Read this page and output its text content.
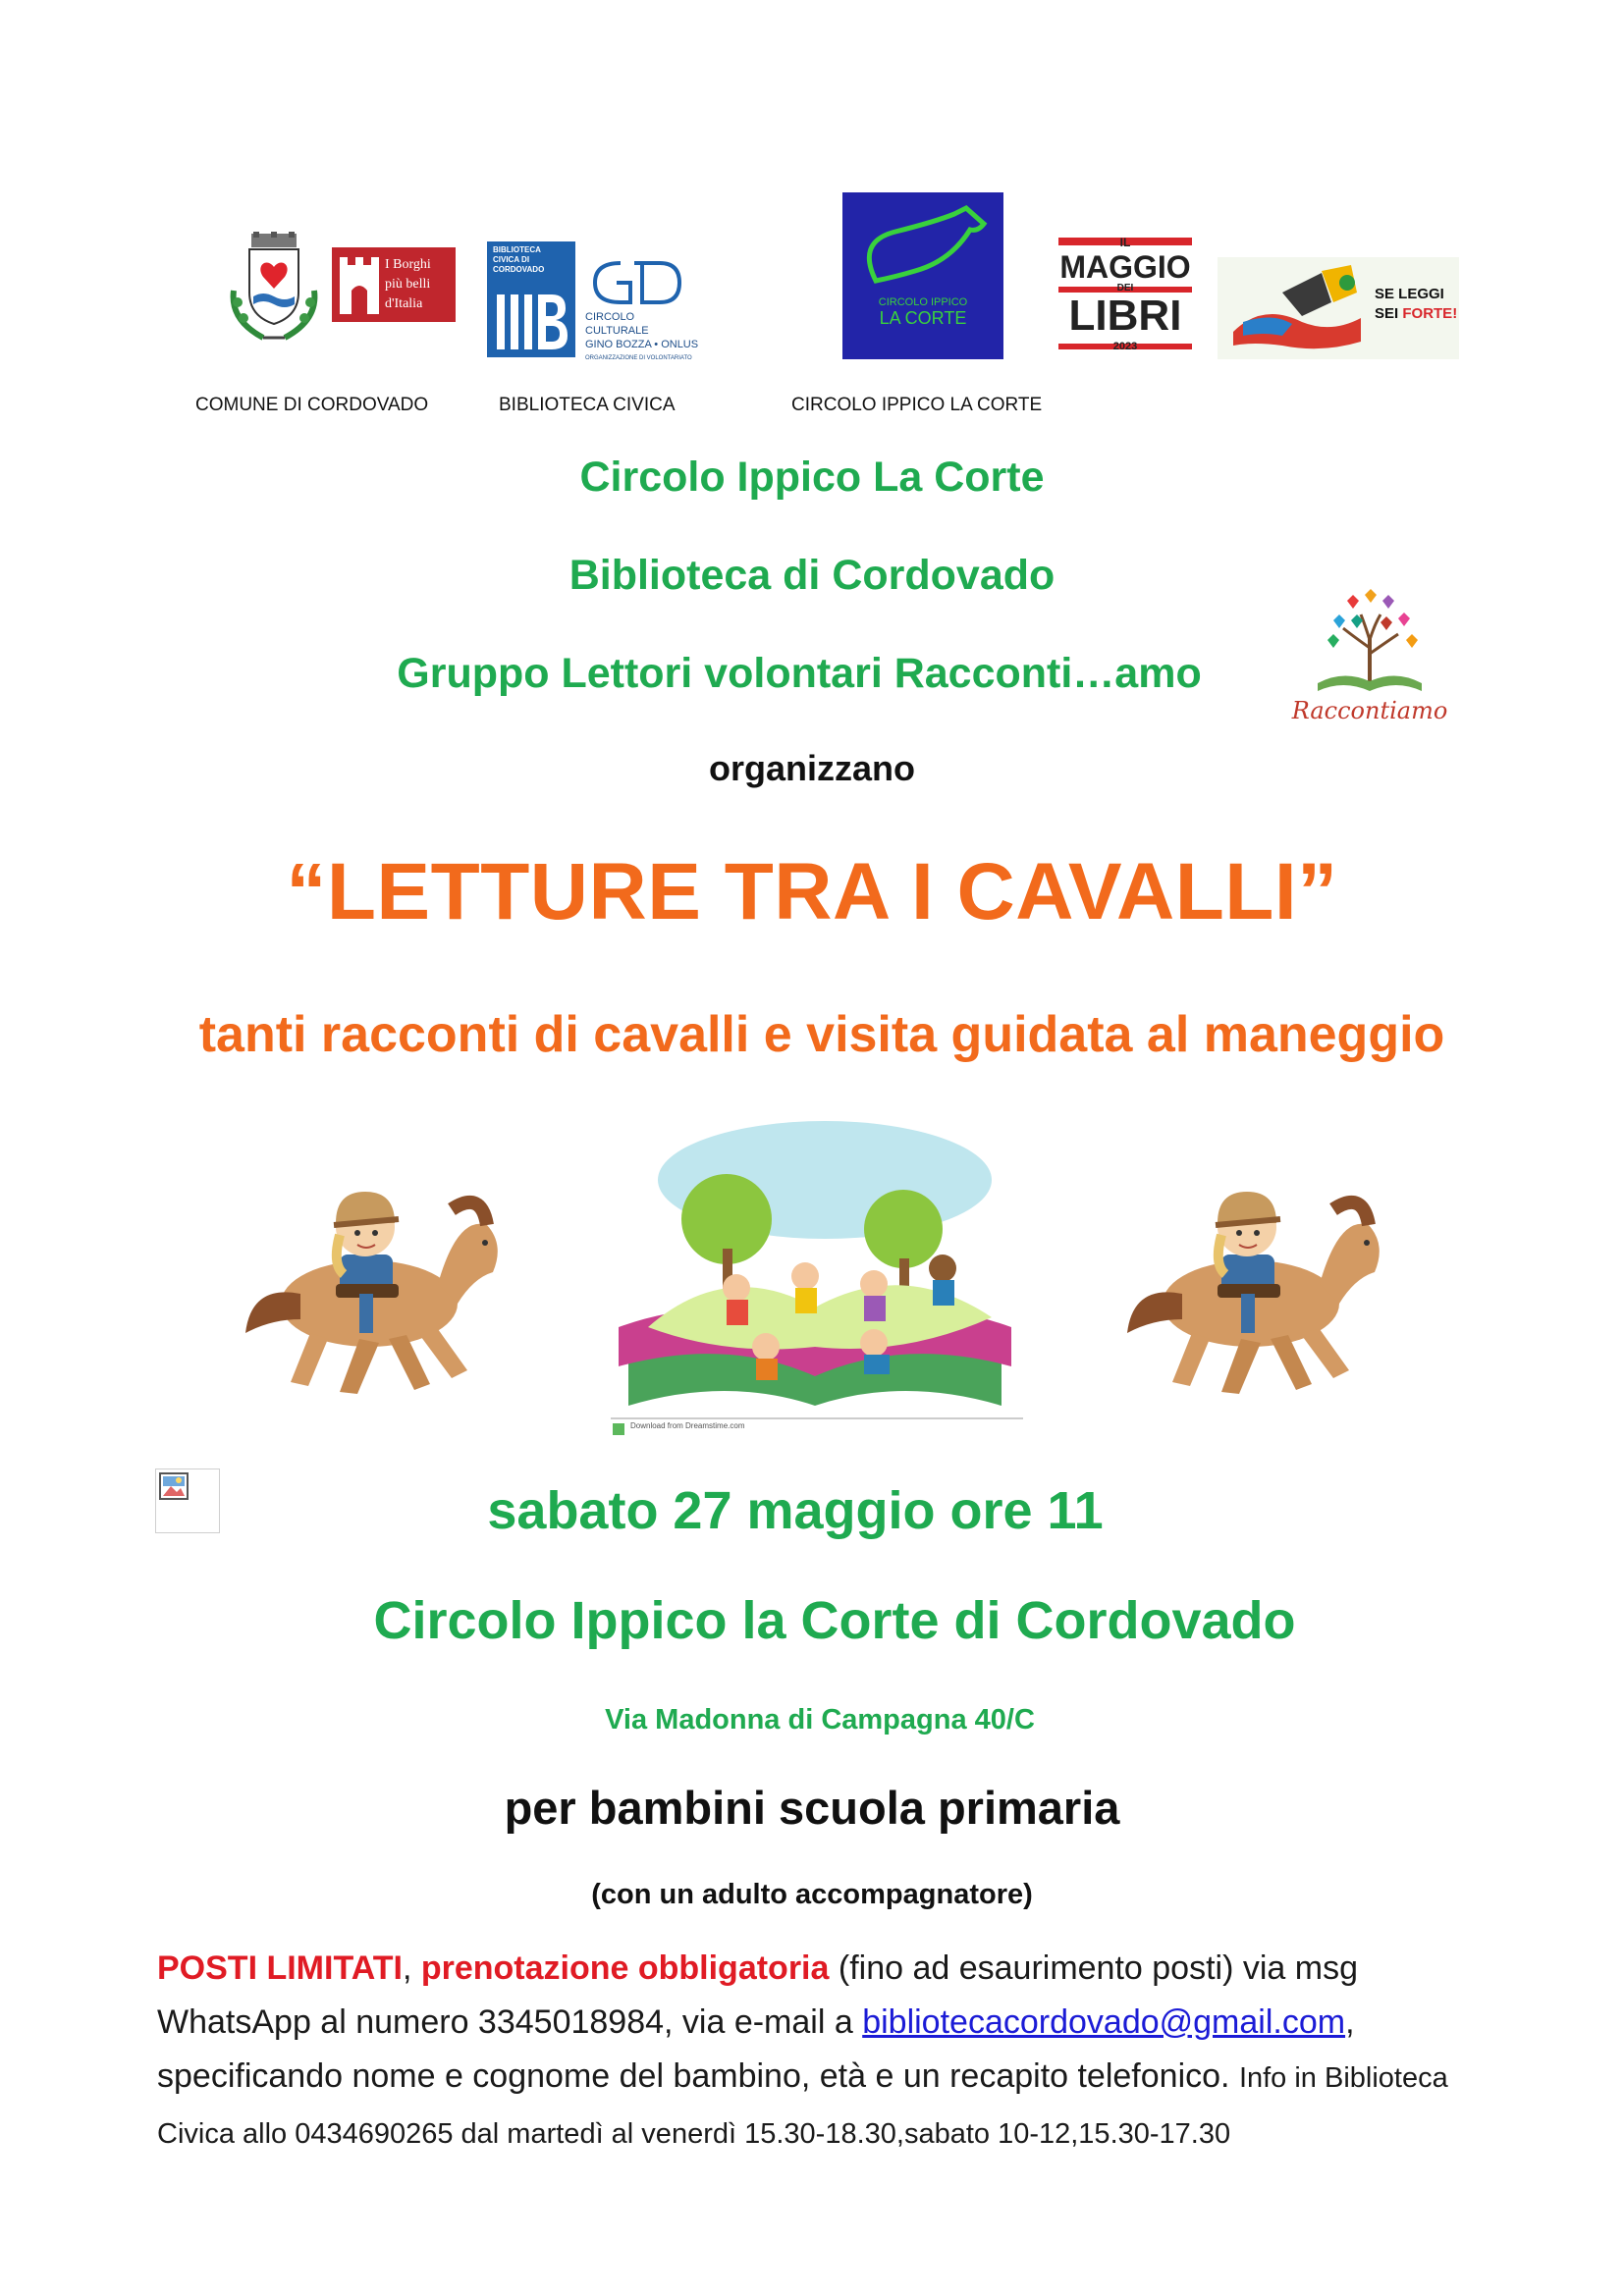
I Borghi
più belli
d'Italia
BIBLIOTECA
CIVICA DI
CORDOVADO
CIRCOLO CULTURALE
GINO BOZZA • ONLUS
ORGANIZZAZIONE DI VOLONTARIATO
CIRCOLO IPPICO
LA CORTE
IL
MAGGIO
DEI
LIBRI
2023
SE LEGGI
SEI FORTE!
COMUNE DI CORDOVADO	BIBLIOTECA CIVICA	CIRCOLO IPPICO LA CORTE
Circolo Ippico La Corte
Biblioteca di Cordovado
Gruppo Lettori volontari Racconti…amo
organizzano
Raccontiamo
“LETTURE TRA I CAVALLI”
tanti racconti di cavalli e visita guidata al maneggio
Download from Dreamstime.com
sabato 27 maggio ore 11
Circolo Ippico la Corte di Cordovado
Via Madonna di Campagna 40/C
per bambini scuola primaria
(con un adulto accompagnatore)
POSTI LIMITATI, prenotazione obbligatoria (fino ad esaurimento posti) via msg WhatsApp al numero 3345018984, via e-mail a bibliotecacordovado@gmail.com, specificando nome e cognome del bambino, età e un recapito telefonico. Info in Biblioteca Civica allo 0434690265 dal martedì al venerdì 15.30-18.30,sabato 10-12,15.30-17.30
